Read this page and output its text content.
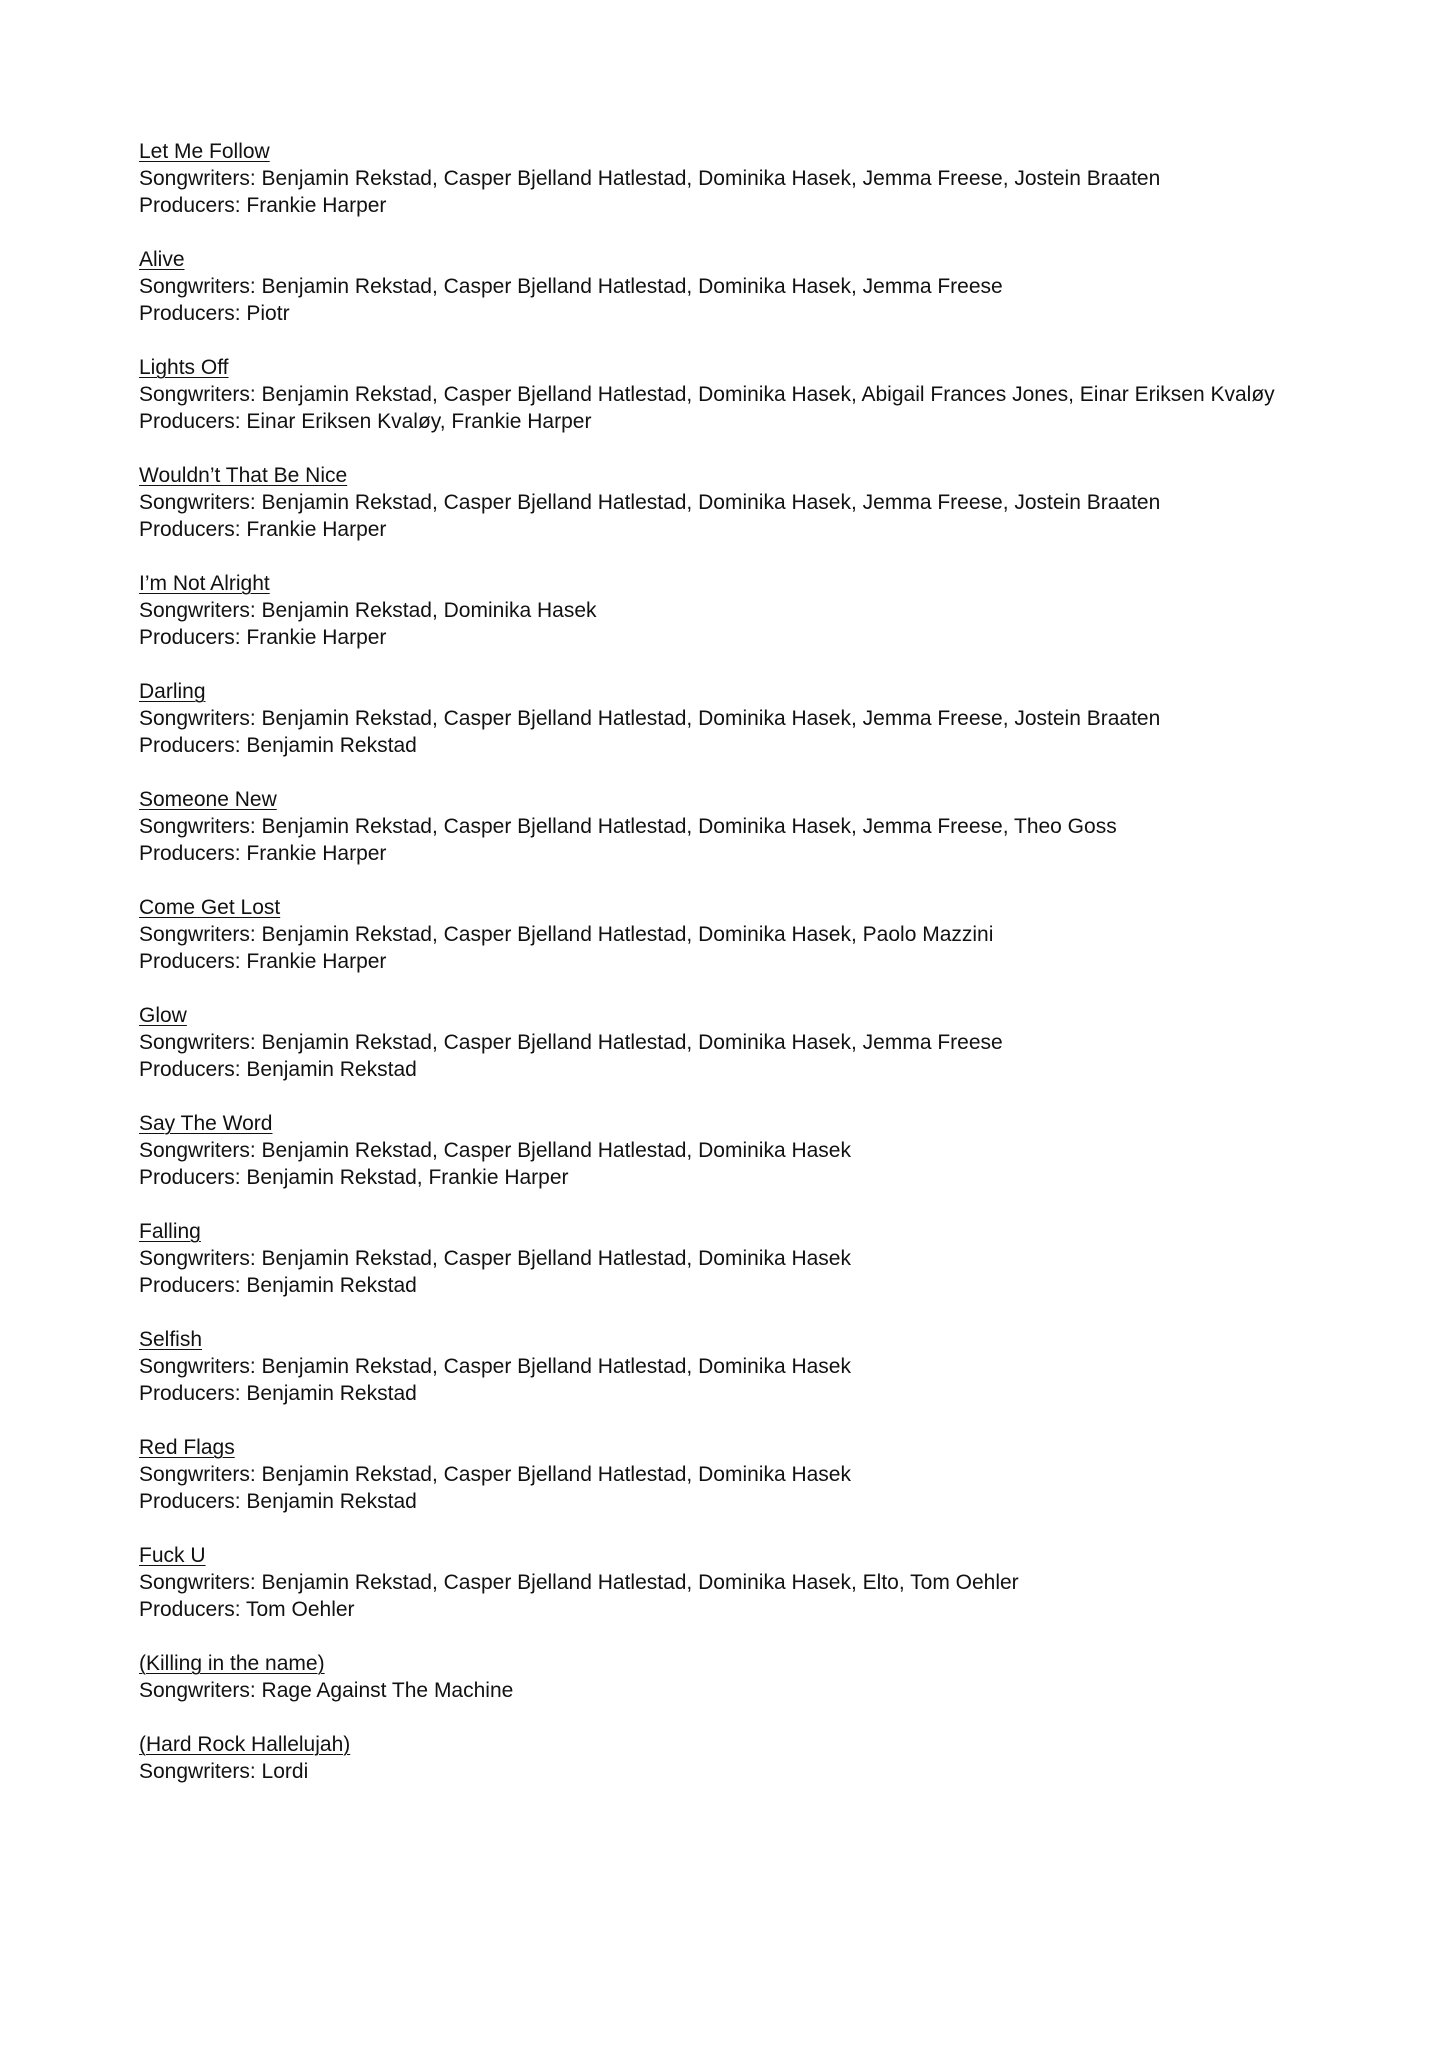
Let Me Follow
Songwriters: Benjamin Rekstad, Casper Bjelland Hatlestad, Dominika Hasek, Jemma Freese, Jostein Braaten
Producers: Frankie Harper
Alive
Songwriters: Benjamin Rekstad, Casper Bjelland Hatlestad, Dominika Hasek, Jemma Freese
Producers: Piotr
Lights Off
Songwriters: Benjamin Rekstad, Casper Bjelland Hatlestad, Dominika Hasek, Abigail Frances Jones, Einar Eriksen Kvaløy
Producers: Einar Eriksen Kvaløy, Frankie Harper
Wouldn’t That Be Nice
Songwriters: Benjamin Rekstad, Casper Bjelland Hatlestad, Dominika Hasek, Jemma Freese, Jostein Braaten
Producers: Frankie Harper
I’m Not Alright
Songwriters: Benjamin Rekstad, Dominika Hasek
Producers: Frankie Harper
Darling
Songwriters: Benjamin Rekstad, Casper Bjelland Hatlestad, Dominika Hasek, Jemma Freese, Jostein Braaten
Producers: Benjamin Rekstad
Someone New
Songwriters: Benjamin Rekstad, Casper Bjelland Hatlestad, Dominika Hasek, Jemma Freese, Theo Goss
Producers: Frankie Harper
Come Get Lost
Songwriters: Benjamin Rekstad, Casper Bjelland Hatlestad, Dominika Hasek, Paolo Mazzini
Producers: Frankie Harper
Glow
Songwriters: Benjamin Rekstad, Casper Bjelland Hatlestad, Dominika Hasek, Jemma Freese
Producers: Benjamin Rekstad
Say The Word
Songwriters: Benjamin Rekstad, Casper Bjelland Hatlestad, Dominika Hasek
Producers: Benjamin Rekstad, Frankie Harper
Falling
Songwriters: Benjamin Rekstad, Casper Bjelland Hatlestad, Dominika Hasek
Producers: Benjamin Rekstad
Selfish
Songwriters: Benjamin Rekstad, Casper Bjelland Hatlestad, Dominika Hasek
Producers: Benjamin Rekstad
Red Flags
Songwriters: Benjamin Rekstad, Casper Bjelland Hatlestad, Dominika Hasek
Producers: Benjamin Rekstad
Fuck U
Songwriters: Benjamin Rekstad, Casper Bjelland Hatlestad, Dominika Hasek, Elto, Tom Oehler
Producers: Tom Oehler
(Killing in the name)
Songwriters: Rage Against The Machine
(Hard Rock Hallelujah)
Songwriters: Lordi
